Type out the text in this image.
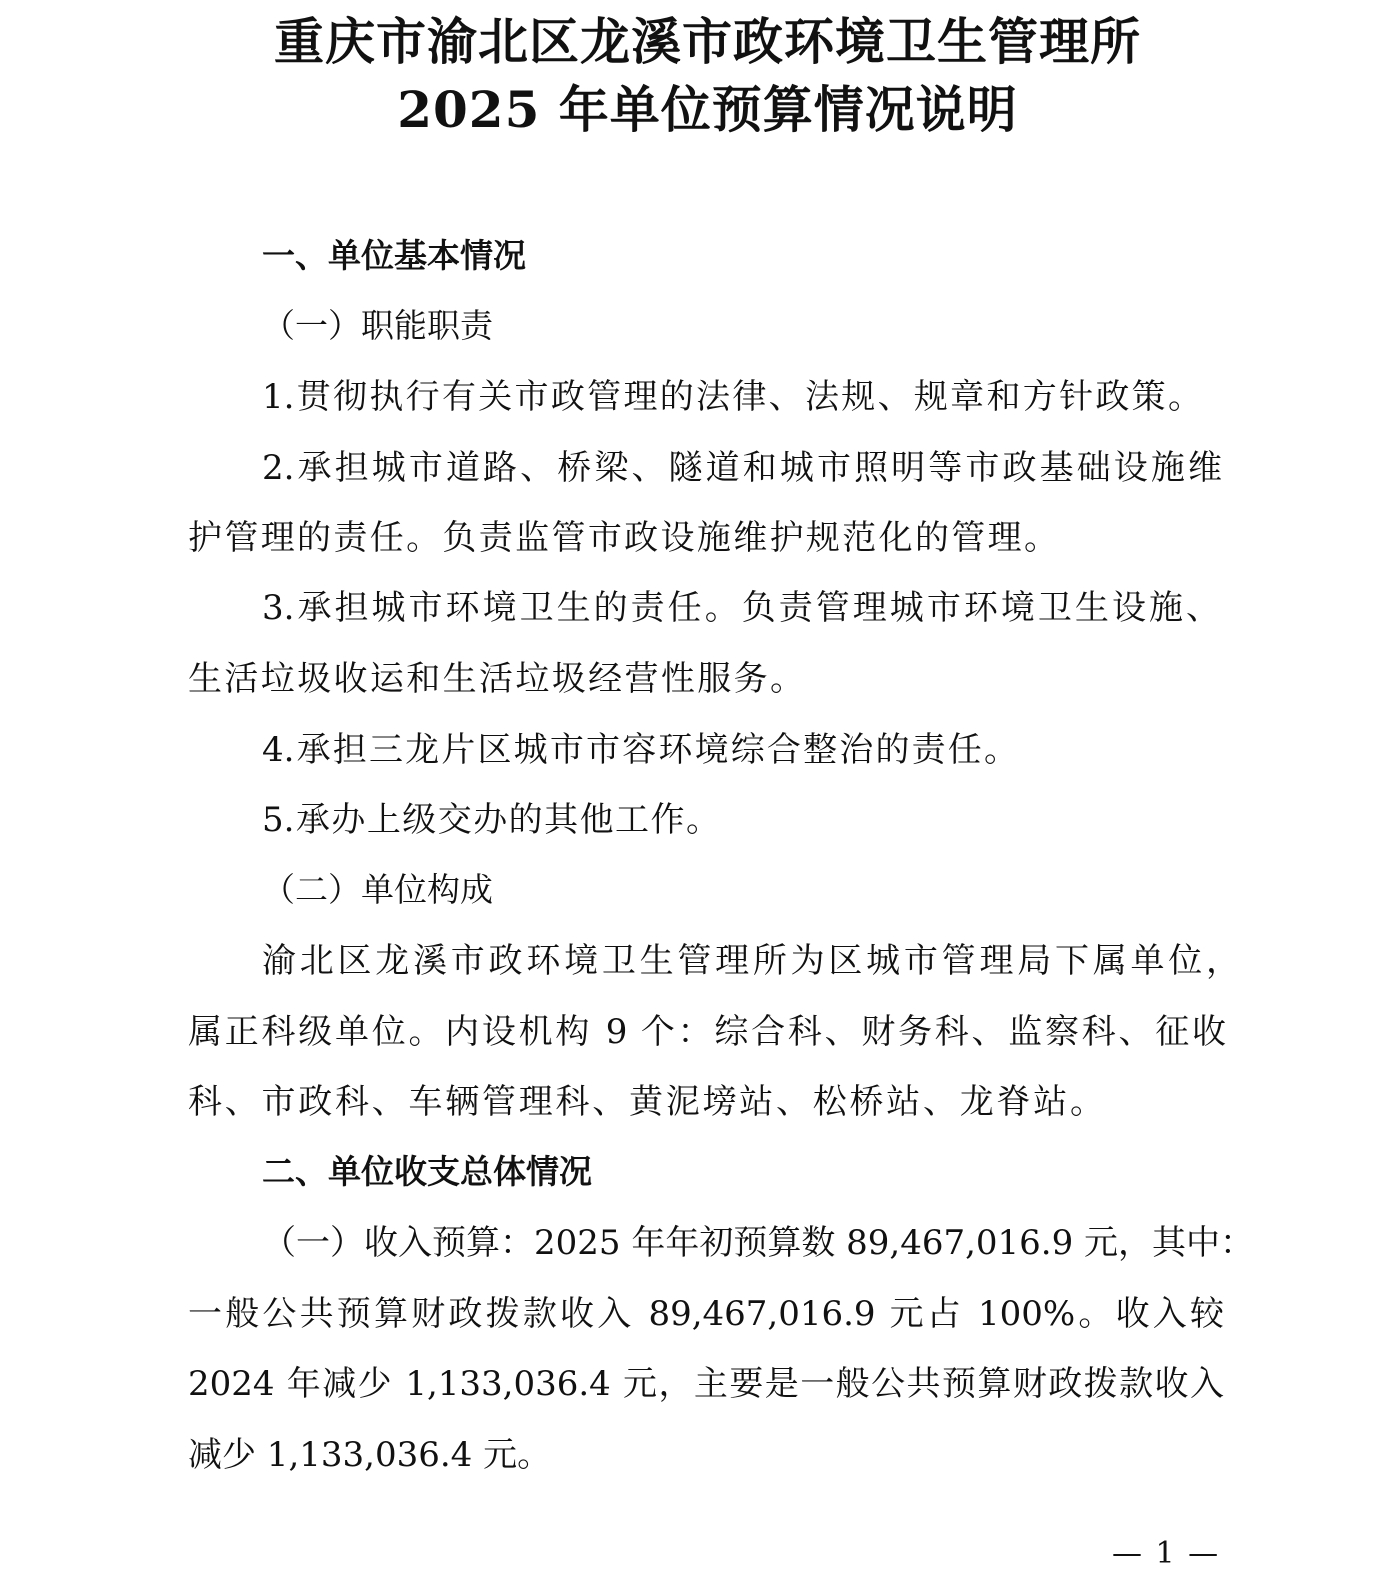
重庆市渝北区龙溪市政环境卫生管理所
2025 年单位预算情况说明
一、单位基本情况
（一）职能职责
1.贯彻执行有关市政管理的法律、法规、规章和方针政策。
2.承担城市道路、桥梁、隧道和城市照明等市政基础设施维
护管理的责任。负责监管市政设施维护规范化的管理。
3.承担城市环境卫生的责任。负责管理城市环境卫生设施、
生活垃圾收运和生活垃圾经营性服务。
4.承担三龙片区城市市容环境综合整治的责任。
5.承办上级交办的其他工作。
（二）单位构成
渝北区龙溪市政环境卫生管理所为区城市管理局下属单位，
属正科级单位。内设机构 9 个：综合科、财务科、监察科、征收
科、市政科、车辆管理科、黄泥塝站、松桥站、龙脊站。
二、单位收支总体情况
（一）收入预算：2025 年年初预算数 89,467,016.9 元，其中：
一般公共预算财政拨款收入 89,467,016.9 元占 100%。收入较
2024 年减少 1,133,036.4 元，主要是一般公共预算财政拨款收入
减少 1,133,036.4 元。
— 1 —
